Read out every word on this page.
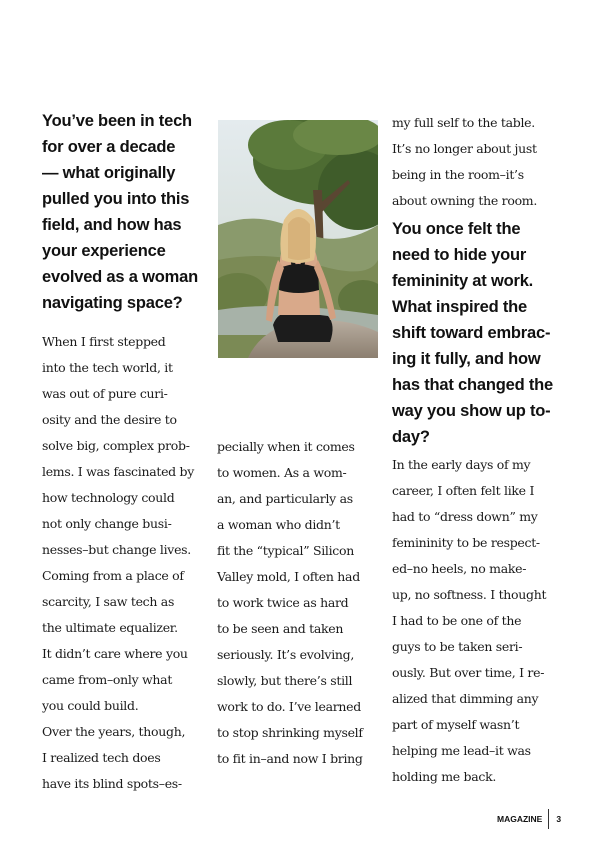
You’ve been in tech
for over a decade
— what originally
pulled you into this
field, and how has
your experience
evolved as a woman
navigating space?

When I first stepped
into the tech world, it
was out of pure curi-
osity and the desire to
solve big, complex prob-
lems. I was fascinated by
how technology could
not only change busi-
nesses–but change lives.
Coming from a place of
scarcity, I saw tech as
the ultimate equalizer.
It didn’t care where you
came from–only what
you could build.
Over the years, though,
I realized tech does
have its blind spots–es-

pecially when it comes
to women. As a wom-
an, and particularly as
a woman who didn’t
fit the “typical” Silicon
Valley mold, I often had
to work twice as hard
to be seen and taken
seriously. It’s evolving,
slowly, but there’s still
work to do. I’ve learned
to stop shrinking myself
to fit in–and now I bring

my full self to the table.
It’s no longer about just
being in the room–it’s
about owning the room.

You once felt the
need to hide your
femininity at work.
What inspired the
shift toward embrac-
ing it fully, and how
has that changed the
way you show up to-
day?

In the early days of my
career, I often felt like I
had to “dress down” my
femininity to be respect-
ed–no heels, no make-
up, no softness. I thought
I had to be one of the
guys to be taken seri-
ously. But over time, I re-
alized that dimming any
part of myself wasn’t
helping me lead–it was
holding me back.

MAGAZINE 3
